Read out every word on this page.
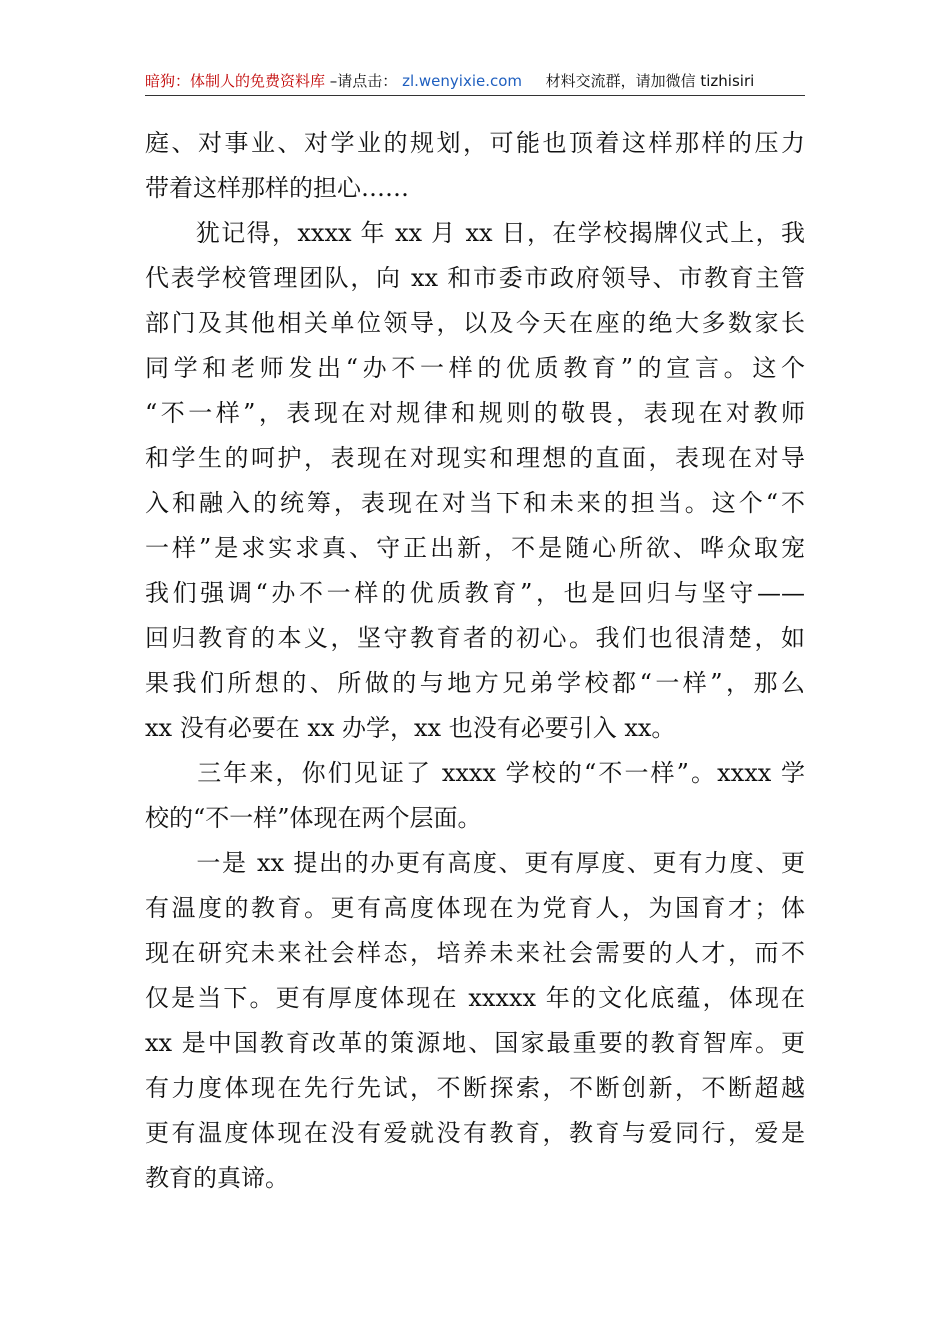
暗狗：体制人的免费资料库 –请点击： zl.wenyixie.com 材料交流群，请加微信 tizhisiri
庭、对事业、对学业的规划，可能也顶着这样那样的压力
带着这样那样的担心……
　　犹记得，xxxx 年 xx 月 xx 日，在学校揭牌仪式上，我
代表学校管理团队，向 xx 和市委市政府领导、市教育主管
部门及其他相关单位领导，以及今天在座的绝大多数家长
同学和老师发出“办不一样的优质教育”的宣言。这个
“不一样”，表现在对规律和规则的敬畏，表现在对教师
和学生的呵护，表现在对现实和理想的直面，表现在对导
入和融入的统筹，表现在对当下和未来的担当。这个“不
一样”是求实求真、守正出新，不是随心所欲、哗众取宠
我们强调“办不一样的优质教育”，也是回归与坚守——
回归教育的本义，坚守教育者的初心。我们也很清楚，如
果我们所想的、所做的与地方兄弟学校都“一样”，那么
xx 没有必要在 xx 办学，xx 也没有必要引入 xx。
　　三年来，你们见证了 xxxx 学校的“不一样”。xxxx 学
校的“不一样”体现在两个层面。
　　一是 xx 提出的办更有高度、更有厚度、更有力度、更
有温度的教育。更有高度体现在为党育人，为国育才；体
现在研究未来社会样态，培养未来社会需要的人才，而不
仅是当下。更有厚度体现在 xxxxx 年的文化底蕴，体现在
xx 是中国教育改革的策源地、国家最重要的教育智库。更
有力度体现在先行先试，不断探索，不断创新，不断超越
更有温度体现在没有爱就没有教育，教育与爱同行，爱是
教育的真谛。
